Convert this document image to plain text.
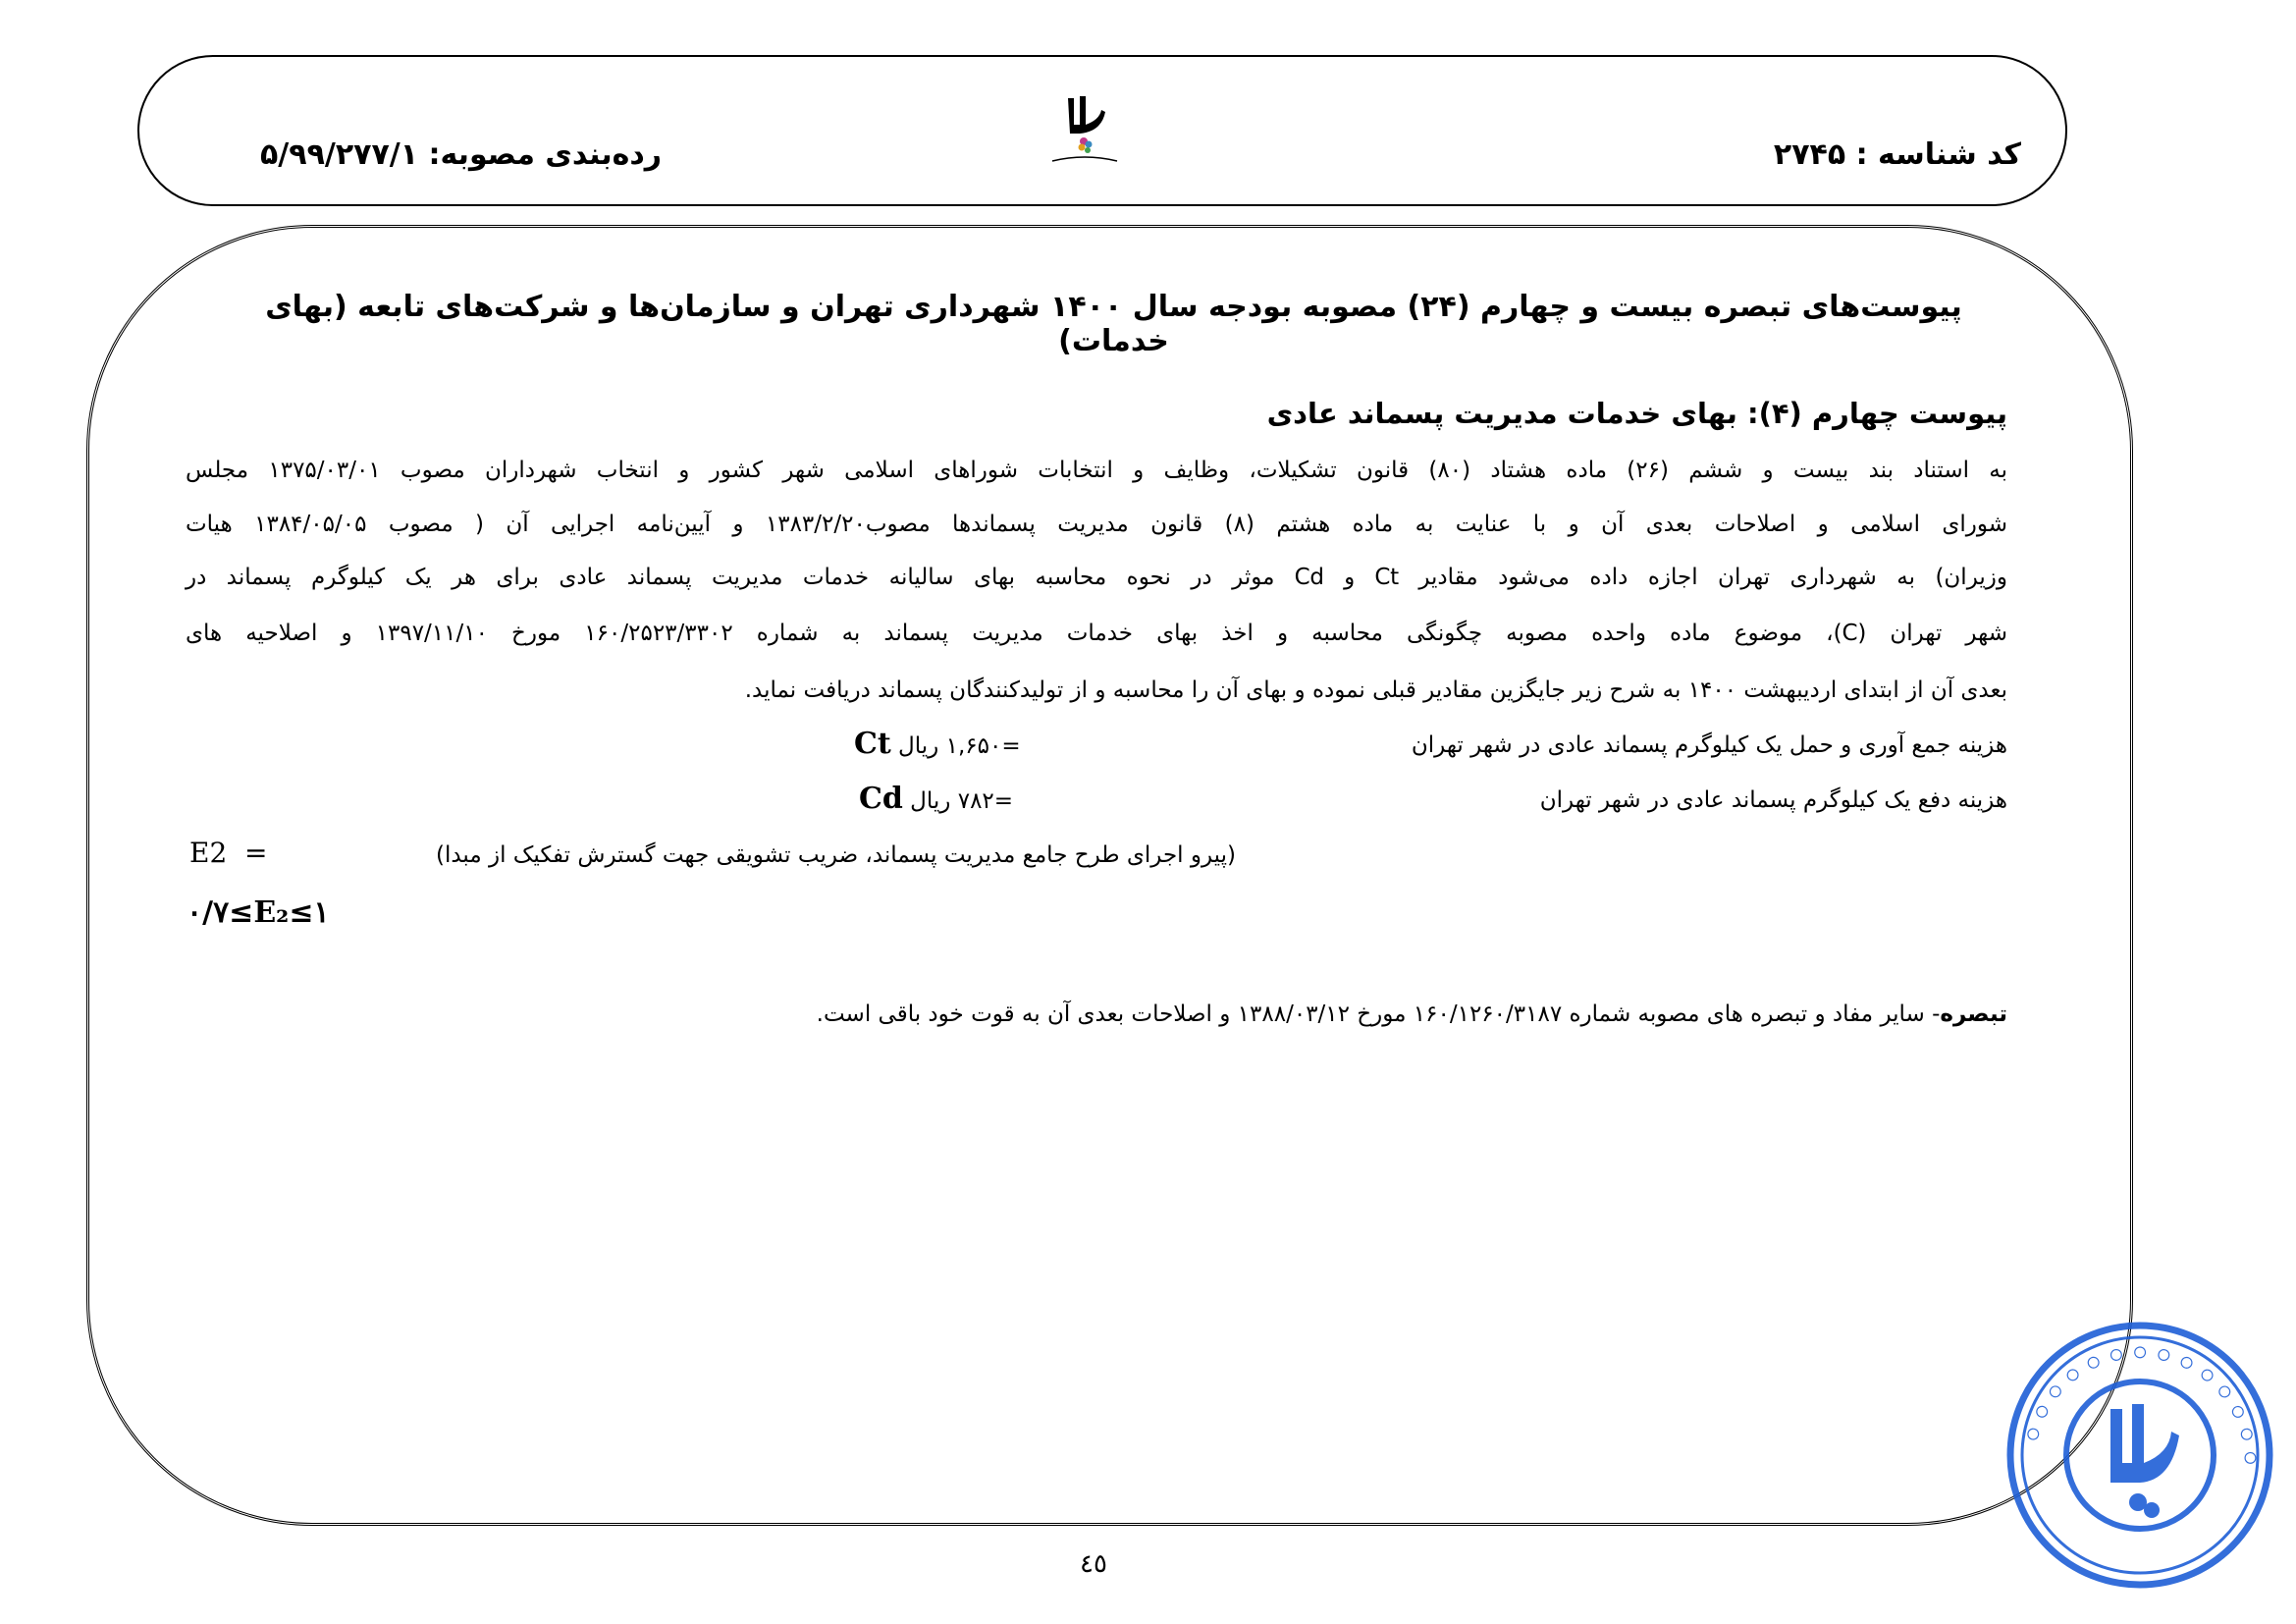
کد شناسه : ۲۷۴۵
رده‌بندی مصوبه: ۵/۹۹/۲۷۷/۱
پیوست‌های تبصره بیست و چهارم (۲۴) مصوبه بودجه سال ۱۴۰۰ شهرداری تهران و سازمان‌ها و شرکت‌های تابعه (بهای خدمات)
پیوست چهارم (۴): بهای خدمات مدیریت پسماند عادی
به استناد بند بیست و ششم (۲۶) ماده هشتاد (۸۰) قانون تشکیلات، وظایف و انتخابات شوراهای اسلامی شهر کشور و انتخاب شهرداران مصوب ۱۳۷۵/۰۳/۰۱ مجلس
شورای اسلامی و اصلاحات بعدی آن و با عنایت به ماده هشتم (۸) قانون مدیریت پسماندها مصوب۱۳۸۳/۲/۲۰ و آیین‌نامه اجرایی آن ( مصوب ۱۳۸۴/۰۵/۰۵ هیات
وزیران) به شهرداری تهران اجازه داده می‌شود مقادیر Ct و Cd موثر در نحوه محاسبه بهای سالیانه خدمات مدیریت پسماند عادی برای هر یک کیلوگرم پسماند در
شهر تهران (C)، موضوع ماده واحده مصوبه چگونگی محاسبه و اخذ بهای خدمات مدیریت پسماند به شماره ۱۶۰/۲۵۲۳/۳۳۰۲ مورخ ۱۳۹۷/۱۱/۱۰ و اصلاحیه های
بعدی آن از ابتدای اردیبهشت ۱۴۰۰ به شرح زیر جایگزین مقادیر قبلی نموده و بهای آن را محاسبه و از تولیدکنندگان پسماند دریافت نماید.
هزینه جمع آوری و حمل یک کیلوگرم پسماند عادی در شهر تهران
Ct =۱,۶۵۰ ریال
هزینه دفع یک کیلوگرم پسماند عادی در شهر تهران
Cd =۷۸۲ ریال
(پیرو اجرای طرح جامع مدیریت پسماند، ضریب تشویقی جهت گسترش تفکیک از مبدا)
E2  =
۰/۷≤E₂≤۱
تبصره- سایر مفاد و تبصره های مصوبه شماره ۱۶۰/۱۲۶۰/۳۱۸۷ مورخ ۱۳۸۸/۰۳/۱۲ و اصلاحات بعدی آن به قوت خود باقی است.
٤٥
◦◦◦◦◦◦◦◦◦◦◦◦◦◦
